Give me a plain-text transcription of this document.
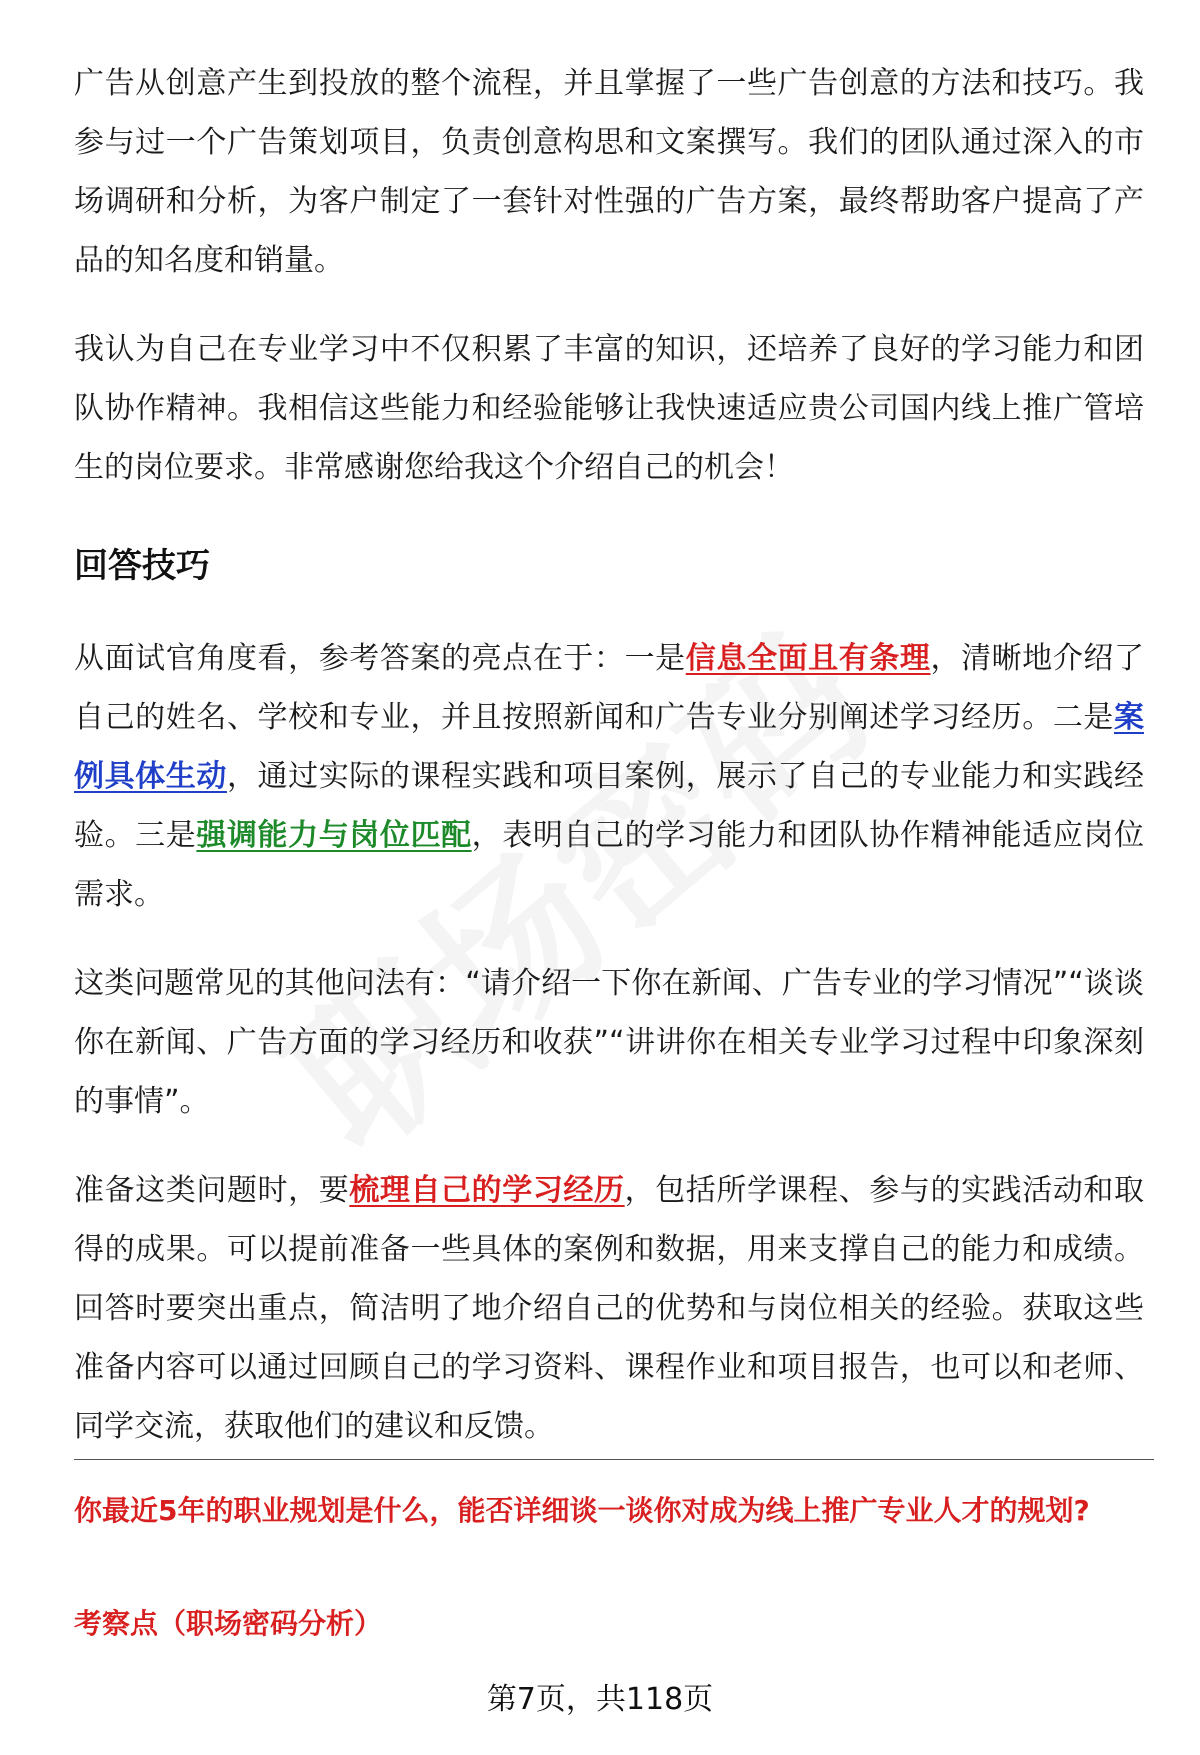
广告从创意产生到投放的整个流程，并且掌握了一些广告创意的方法和技巧。我参与过一个广告策划项目，负责创意构思和文案撰写。我们的团队通过深入的市场调研和分析，为客户制定了一套针对性强的广告方案，最终帮助客户提高了产品的知名度和销量。

我认为自己在专业学习中不仅积累了丰富的知识，还培养了良好的学习能力和团队协作精神。我相信这些能力和经验能够让我快速适应贵公司国内线上推广管培生的岗位要求。非常感谢您给我这个介绍自己的机会！

回答技巧

从面试官角度看，参考答案的亮点在于：一是信息全面且有条理，清晰地介绍了自己的姓名、学校和专业，并且按照新闻和广告专业分别阐述学习经历。二是案例具体生动，通过实际的课程实践和项目案例，展示了自己的专业能力和实践经验。三是强调能力与岗位匹配，表明自己的学习能力和团队协作精神能适应岗位需求。

这类问题常见的其他问法有：“请介绍一下你在新闻、广告专业的学习情况”“谈谈你在新闻、广告方面的学习经历和收获”“讲讲你在相关专业学习过程中印象深刻的事情”。

准备这类问题时，要梳理自己的学习经历，包括所学课程、参与的实践活动和取得的成果。可以提前准备一些具体的案例和数据，用来支撑自己的能力和成绩。回答时要突出重点，简洁明了地介绍自己的优势和与岗位相关的经验。获取这些准备内容可以通过回顾自己的学习资料、课程作业和项目报告，也可以和老师、同学交流，获取他们的建议和反馈。

你最近5年的职业规划是什么，能否详细谈一谈你对成为线上推广专业人才的规划?
考察点（职场密码分析）
第7页，共118页
